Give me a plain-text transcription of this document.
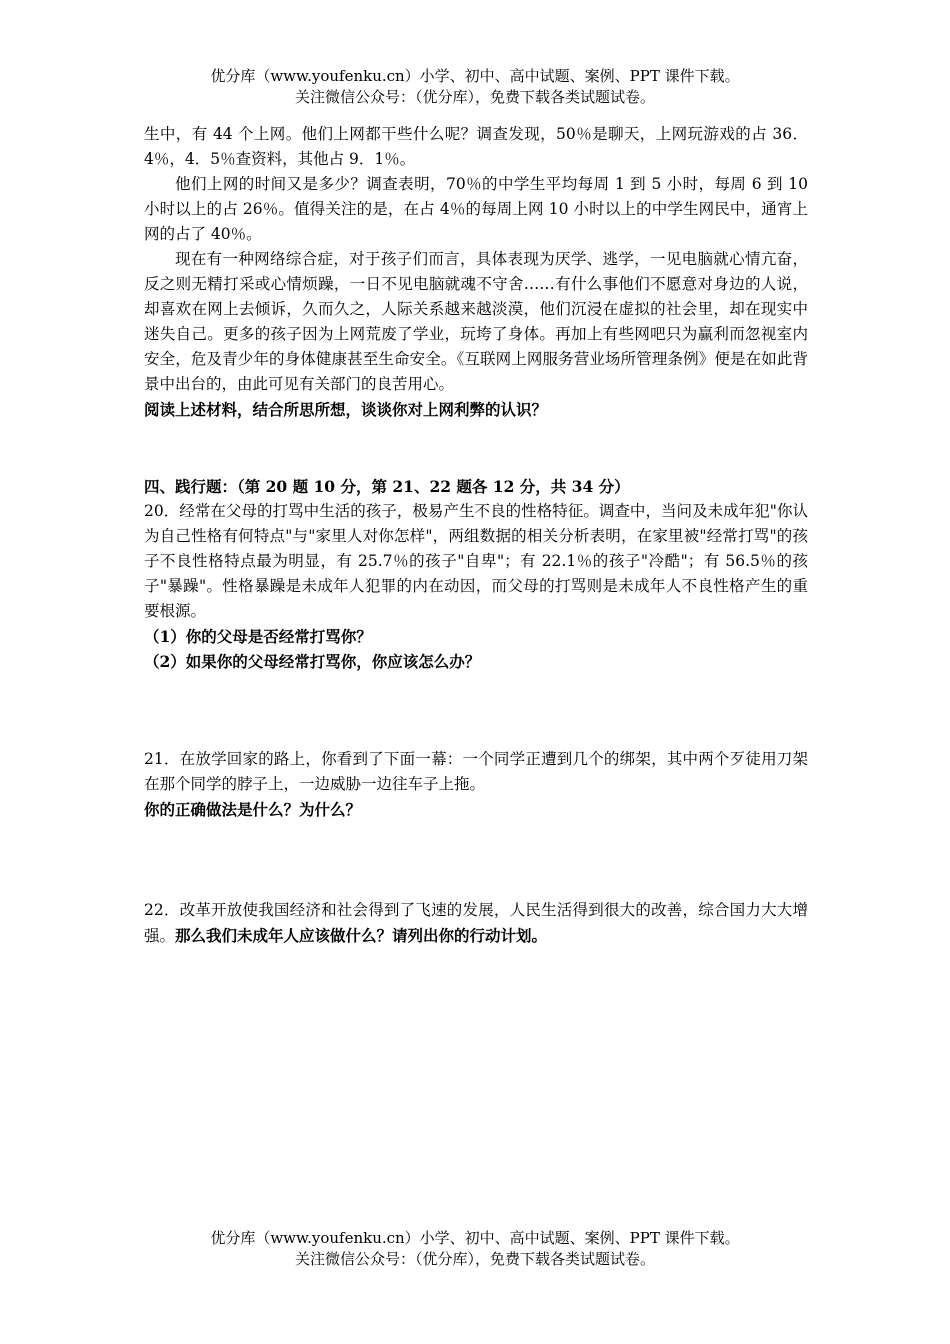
优分库（www.youfenku.cn）小学、初中、高中试题、案例、PPT 课件下载。
关注微信公众号：（优分库），免费下载各类试题试卷。

生中，有 44 个上网。他们上网都干些什么呢？调查发现，50％是聊天，上网玩游戏的占 36．4％，4．5％查资料，其他占 9．1％。

他们上网的时间又是多少？调查表明，70％的中学生平均每周 1 到 5 小时，每周 6 到 10 小时以上的占 26％。值得关注的是，在占 4％的每周上网 10 小时以上的中学生网民中，通宵上网的占了 40％。

现在有一种网络综合症，对于孩子们而言，具体表现为厌学、逃学，一见电脑就心情亢奋，反之则无精打采或心情烦躁，一日不见电脑就魂不守舍……有什么事他们不愿意对身边的人说，却喜欢在网上去倾诉，久而久之，人际关系越来越淡漠，他们沉浸在虚拟的社会里，却在现实中迷失自己。更多的孩子因为上网荒废了学业，玩垮了身体。再加上有些网吧只为赢利而忽视室内安全，危及青少年的身体健康甚至生命安全。《互联网上网服务营业场所管理条例》便是在如此背景中出台的，由此可见有关部门的良苦用心。

阅读上述材料，结合所思所想，谈谈你对上网利弊的认识？

四、践行题：（第 20 题 10 分，第 21、22 题各 12 分，共 34 分）

20．经常在父母的打骂中生活的孩子，极易产生不良的性格特征。调查中，当问及未成年犯"你认为自己性格有何特点"与"家里人对你怎样"，两组数据的相关分析表明，在家里被"经常打骂"的孩子不良性格特点最为明显，有 25.7％的孩子"自卑"；有 22.1％的孩子"冷酷"；有 56.5％的孩子"暴躁"。性格暴躁是未成年人犯罪的内在动因，而父母的打骂则是未成年人不良性格产生的重要根源。

（1）你的父母是否经常打骂你？

（2）如果你的父母经常打骂你，你应该怎么办？

21．在放学回家的路上，你看到了下面一幕：一个同学正遭到几个的绑架，其中两个歹徒用刀架在那个同学的脖子上，一边威胁一边往车子上拖。

你的正确做法是什么？为什么？

22．改革开放使我国经济和社会得到了飞速的发展，人民生活得到很大的改善，综合国力大大增强。那么我们未成年人应该做什么？请列出你的行动计划。

优分库（www.youfenku.cn）小学、初中、高中试题、案例、PPT 课件下载。
关注微信公众号：（优分库），免费下载各类试题试卷。
